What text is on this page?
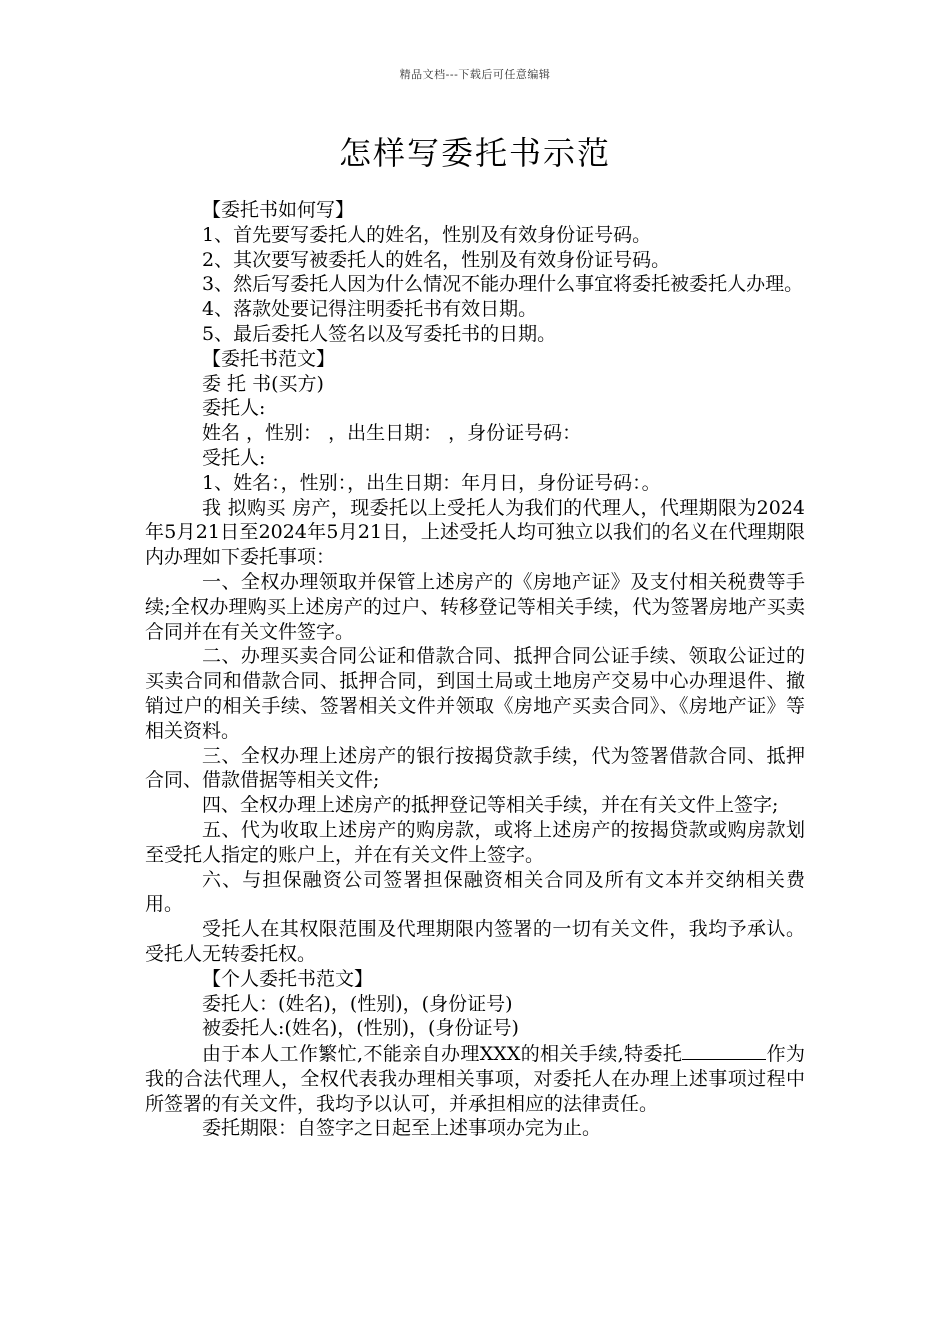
精品文档---下载后可任意编辑
怎样写委托书示范

【委托书如何写】

1、首先要写委托人的姓名，性别及有效身份证号码。

2、其次要写被委托人的姓名，性别及有效身份证号码。

3、然后写委托人因为什么情况不能办理什么事宜将委托被委托人办理。

4、落款处要记得注明委托书有效日期。

5、最后委托人签名以及写委托书的日期。

【委托书范文】

委 托 书(买方)

委托人:

姓名 ，性别： ，出生日期： ，身份证号码：

受托人:

1、姓名：，性别：，出生日期：年月日，身份证号码：。

我 拟购买 房产，现委托以上受托人为我们的代理人，代理期限为2024年5月21日至2024年5月21日，上述受托人均可独立以我们的名义在代理期限内办理如下委托事项：

一、全权办理领取并保管上述房产的《房地产证》及支付相关税费等手续;全权办理购买上述房产的过户、转移登记等相关手续，代为签署房地产买卖合同并在有关文件签字。

二、办理买卖合同公证和借款合同、抵押合同公证手续、领取公证过的买卖合同和借款合同、抵押合同，到国土局或土地房产交易中心办理退件、撤销过户的相关手续、签署相关文件并领取《房地产买卖合同》、《房地产证》等相关资料。

三、全权办理上述房产的银行按揭贷款手续，代为签署借款合同、抵押合同、借款借据等相关文件;

四、全权办理上述房产的抵押登记等相关手续，并在有关文件上签字;

五、代为收取上述房产的购房款，或将上述房产的按揭贷款或购房款划至受托人指定的账户上，并在有关文件上签字。

六、与担保融资公司签署担保融资相关合同及所有文本并交纳相关费用。

受托人在其权限范围及代理期限内签署的一切有关文件，我均予承认。受托人无转委托权。

【个人委托书范文】

委托人：(姓名)，(性别)，(身份证号)

被委托人:(姓名)，(性别)，(身份证号)

由于本人工作繁忙,不能亲自办理XXX的相关手续,特委托	作为我的合法代理人，全权代表我办理相关事项，对委托人在办理上述事项过程中所签署的有关文件，我均予以认可，并承担相应的法律责任。

委托期限：自签字之日起至上述事项办完为止。
